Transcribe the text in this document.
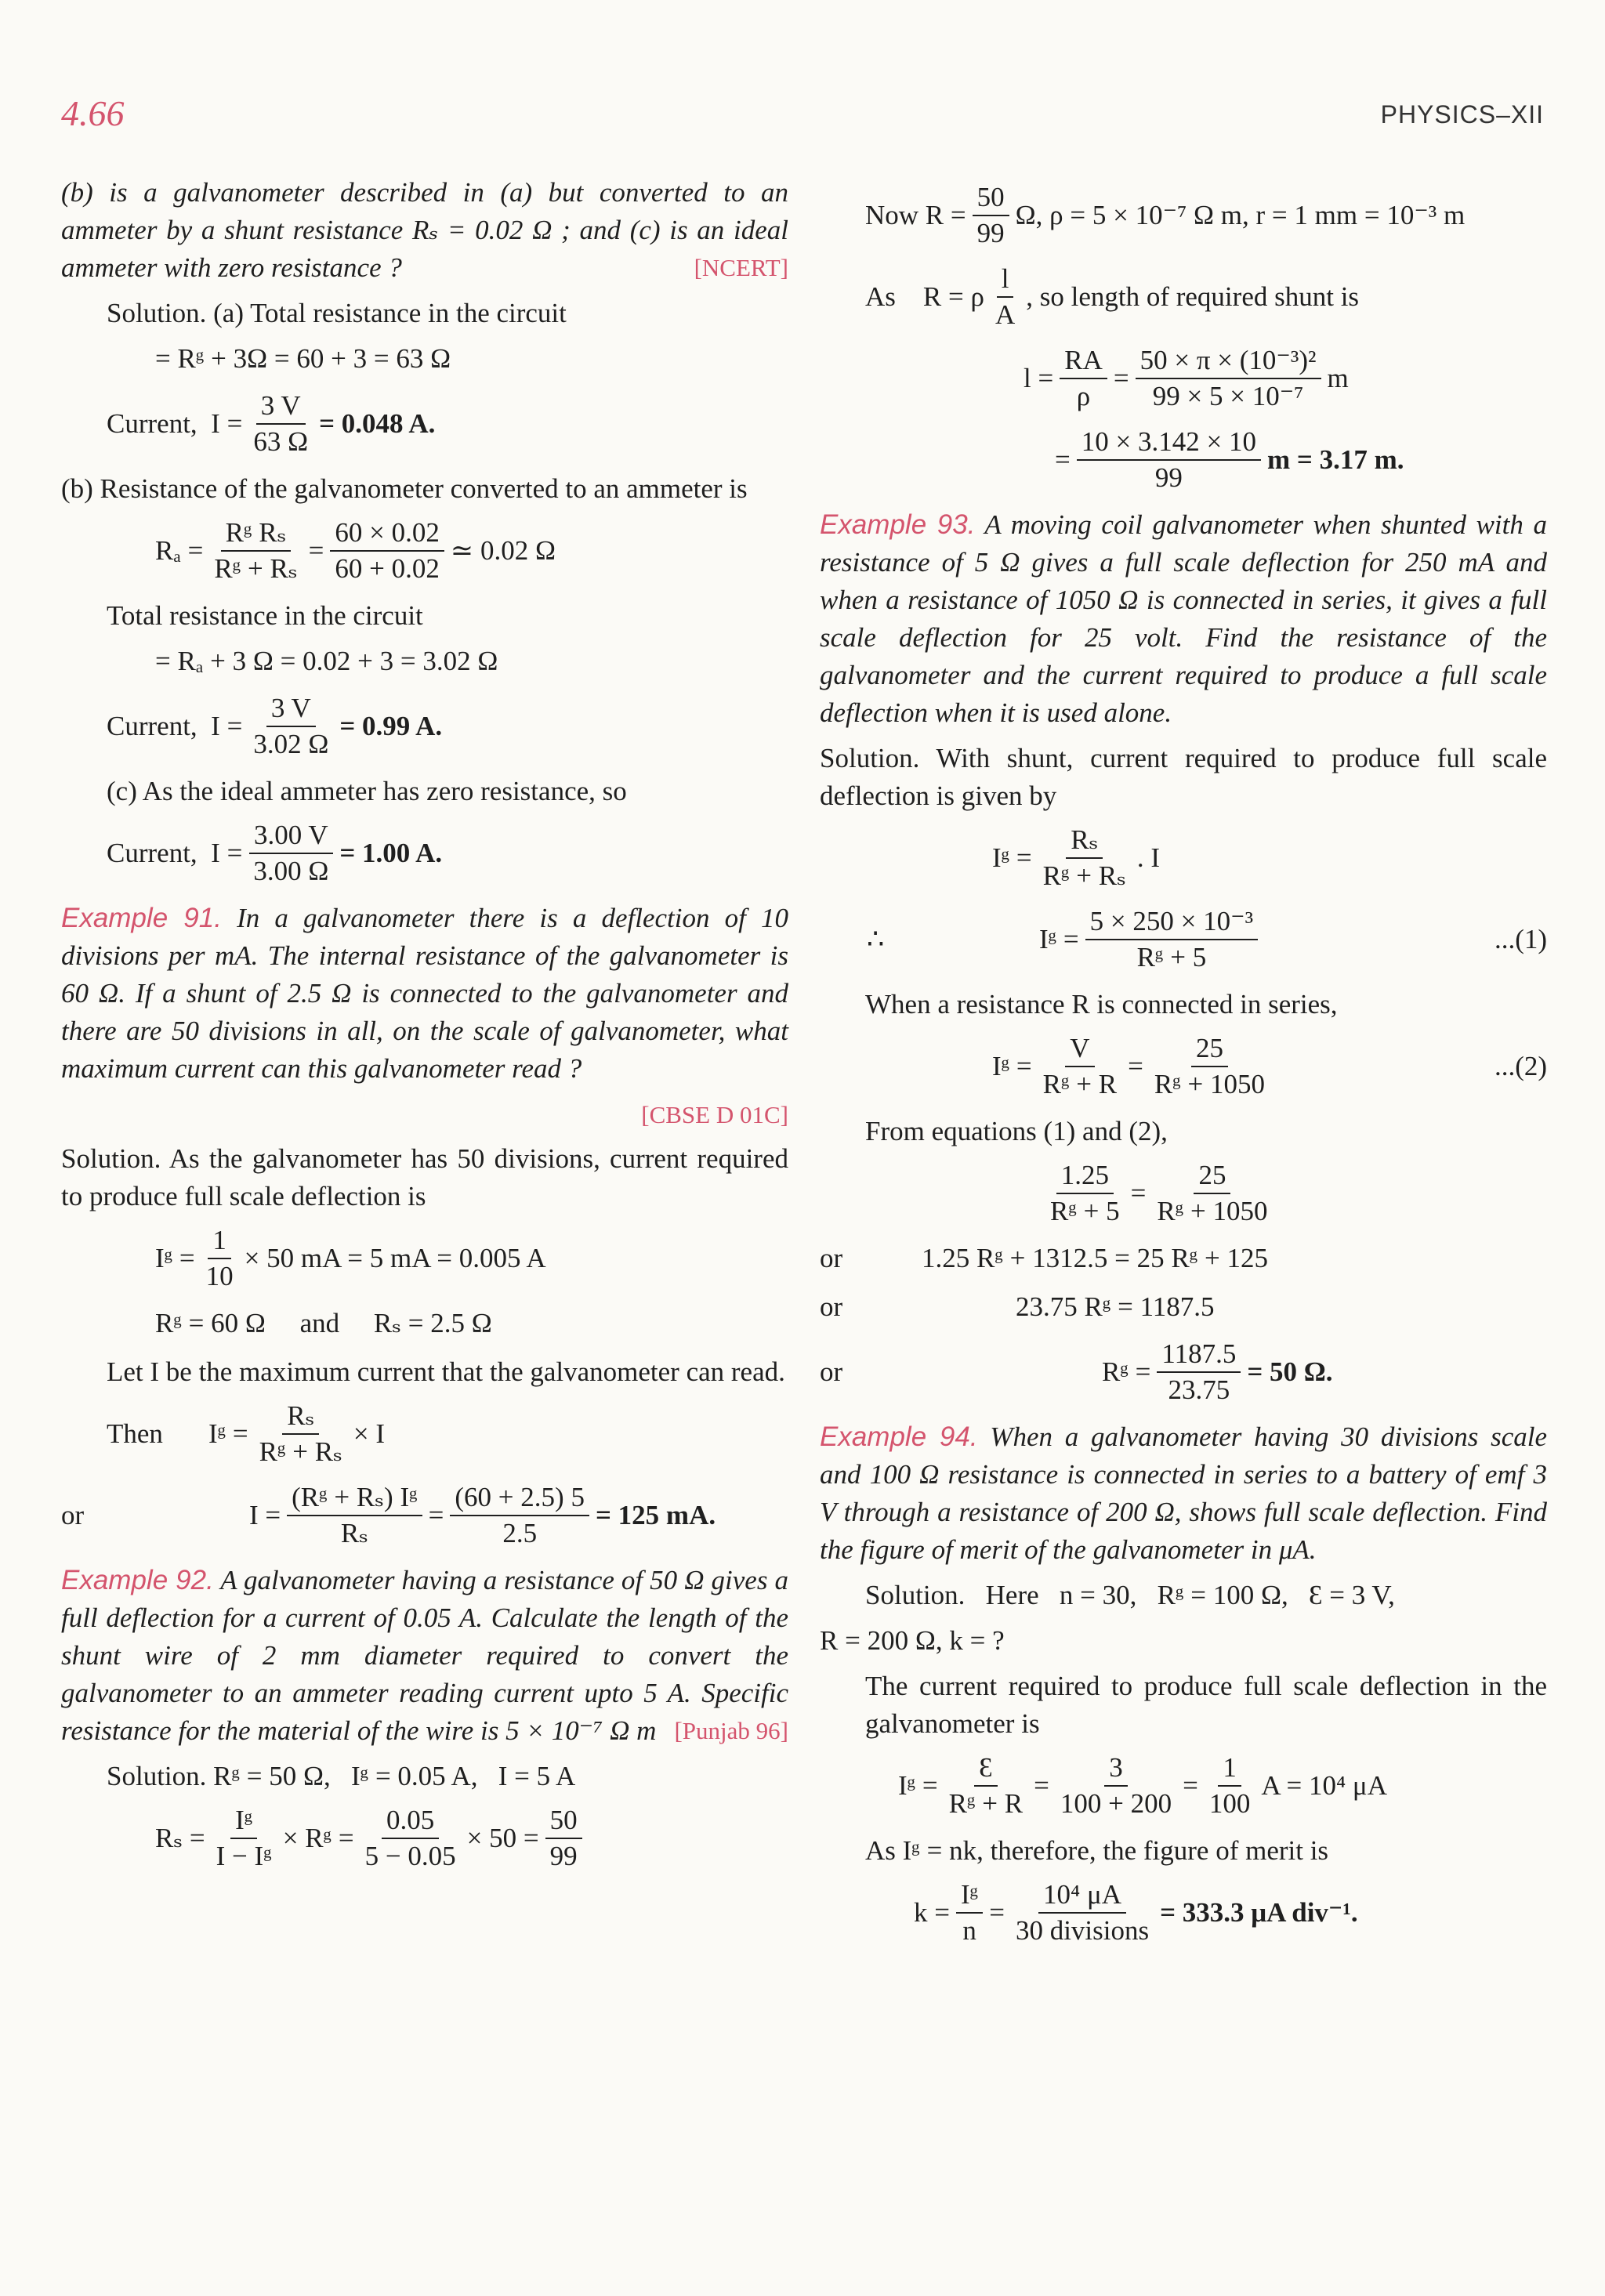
4.66	PHYSICS–XII

(b) is a galvanometer described in (a) but converted to an ammeter by a shunt resistance Rₛ = 0.02 Ω ; and (c) is an ideal ammeter with zero resistance ?	[NCERT]

Solution. (a) Total resistance in the circuit

= Rᵍ + 3Ω = 60 + 3 = 63 Ω
Current,
$I = \frac{3 V}{63 \Omega} = 0.048$ A.

(b) Resistance of the galvanometer converted to an ammeter is

$R_a = \frac{\text{Rᵍ Rₛ}}{\text{Rᵍ + Rₛ}} = \frac{60 \times 0.02}{60 + 0.02}$ ≃ 0.02 Ω

Total resistance in the circuit

= Rₐ + 3 Ω = 0.02 + 3 = 3.02 Ω
Current,
$I = \frac{3 V}{3.02 \Omega} = 0.99$ A.

(c) As the ideal ammeter has zero resistance, so

Current,
$I = \frac{3.00 V}{3.00 \Omega} = 1.00$ A.

Example 91. In a galvanometer there is a deflection of 10 divisions per mA. The internal resistance of the galvanometer is 60 Ω. If a shunt of 2.5 Ω is connected to the galvanometer and there are 50 divisions in all, on the scale of galvanometer, what maximum current can this galvanometer read ?

[CBSE D 01C]

Solution. As the galvanometer has 50 divisions, current required to produce full scale deflection is

Iᵍ = $\frac{1}{10} \times 50$ mA = 5 mA = 0.005 A
Rᵍ = 60 Ω     and     Rₛ = 2.5 Ω

Let I be the maximum current that the galvanometer can read.

Then	Iᵍ = $\frac{\text{Rₛ}}{\text{Rᵍ + Rₛ}} \times I$
or	$I = \frac{\text{(Rᵍ + Rₛ) Iᵍ}}{\text{Rₛ}} = \frac{(60 + 2.5) 5}{2.5} = 125$ mA.

Example 92. A galvanometer having a resistance of 50 Ω gives a full deflection for a current of 0.05 A. Calculate the length of the shunt wire of 2 mm diameter required to convert the galvanometer to an ammeter reading current upto 5 A. Specific resistance for the material of the wire is 5 × 10⁻⁷ Ω m [Punjab 96]

Solution. Rᵍ = 50 Ω,   Iᵍ = 0.05 A,   I = 5 A

$R_s = \frac{\text{Iᵍ}}{\text{I − Iᵍ}}$ × Rᵍ = $\frac{0.05}{5 - 0.05} \times 50 = \frac{50}{99}$
Now $R = \frac{50}{99} \Omega$, ρ = 5 × 10⁻⁷ Ω m, r = 1 mm = 10⁻³ m
As    R = ρ $\frac{l}{A}$ , so length of required shunt is
$l = \frac{RA}{\rho} = \frac{\text{50 × π × (10⁻³)²}}{\text{99 × 5 × 10⁻⁷}}$ m
= $\frac{10 \times 3.142 \times 10}{99}$ m = 3.17 m.

Example 93. A moving coil galvanometer when shunted with a resistance of 5 Ω gives a full scale deflection for 250 mA and when a resistance of 1050 Ω is connected in series, it gives a full scale deflection for 25 volt. Find the resistance of the galvanometer and the current required to produce a full scale deflection when it is used alone.

Solution. With shunt, current required to produce full scale deflection is given by

Iᵍ = $\frac{\text{Rₛ}}{\text{Rᵍ + Rₛ}}$ . I
∴	Iᵍ = $\frac{\text{5 × 250 × 10⁻³}}{\text{Rᵍ + 5}}$	...(1)

When a resistance R is connected in series,

Iᵍ = $\frac{V}{\text{Rᵍ + R}} = \frac{25}{\text{Rᵍ + 1050}}$	...(2)

From equations (1) and (2),

$\frac{1.25}{\text{Rᵍ + 5}} = \frac{25}{\text{Rᵍ + 1050}}$
or	1.25 Rᵍ + 1312.5 = 25 Rᵍ + 125
or	23.75 Rᵍ = 1187.5
or	Rᵍ = $\frac{1187.5}{23.75} = 50$ Ω.

Example 94. When a galvanometer having 30 divisions scale and 100 Ω resistance is connected in series to a battery of emf 3 V through a resistance of 200 Ω, shows full scale deflection. Find the figure of merit of the galvanometer in μA.

Solution.   Here   n = 30,   Rᵍ = 100 Ω,   Ɛ = 3 V,

R = 200 Ω, k = ?

The current required to produce full scale deflection in the galvanometer is

Iᵍ = $\frac{Ɛ}{\text{Rᵍ + R}} = \frac{3}{100 + 200} = \frac{1}{100}$ A = 10⁴ μA

As Iᵍ = nk, therefore, the figure of merit is

$k = \frac{\text{Iᵍ}}{n} = \frac{\text{10⁴ μA}}{\text{30 divisions}} = 333.3$ μA div⁻¹.
